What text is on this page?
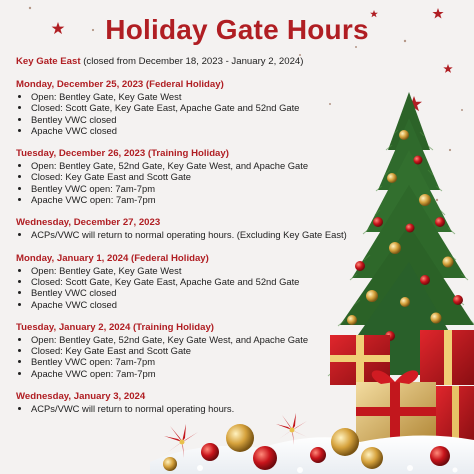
Holiday Gate Hours
Key Gate East (closed from December 18, 2023 - January 2, 2024)
Monday, December 25, 2023 (Federal Holiday)
• Open: Bentley Gate, Key Gate West
• Closed: Scott Gate, Key Gate East, Apache Gate and 52nd Gate
• Bentley VWC closed
• Apache VWC closed
Tuesday, December 26, 2023 (Training Holiday)
• Open: Bentley Gate, 52nd Gate, Key Gate West, and Apache Gate
• Closed: Key Gate East and Scott Gate
• Bentley VWC open: 7am-7pm
• Apache VWC open: 7am-7pm
Wednesday, December 27, 2023
• ACPs/VWC will return to normal operating hours. (Excluding Key Gate East)
Monday, January 1, 2024 (Federal Holiday)
• Open: Bentley Gate, Key Gate West
• Closed: Scott Gate, Key Gate East, Apache Gate and 52nd Gate
• Bentley VWC closed
• Apache VWC closed
Tuesday, January 2, 2024 (Training Holiday)
• Open: Bentley Gate, 52nd Gate, Key Gate West, and Apache Gate
• Closed: Key Gate East and Scott Gate
• Bentley VWC open: 7am-7pm
• Apache VWC open: 7am-7pm
Wednesday, January 3, 2024
• ACPs/VWC will return to normal operating hours.
